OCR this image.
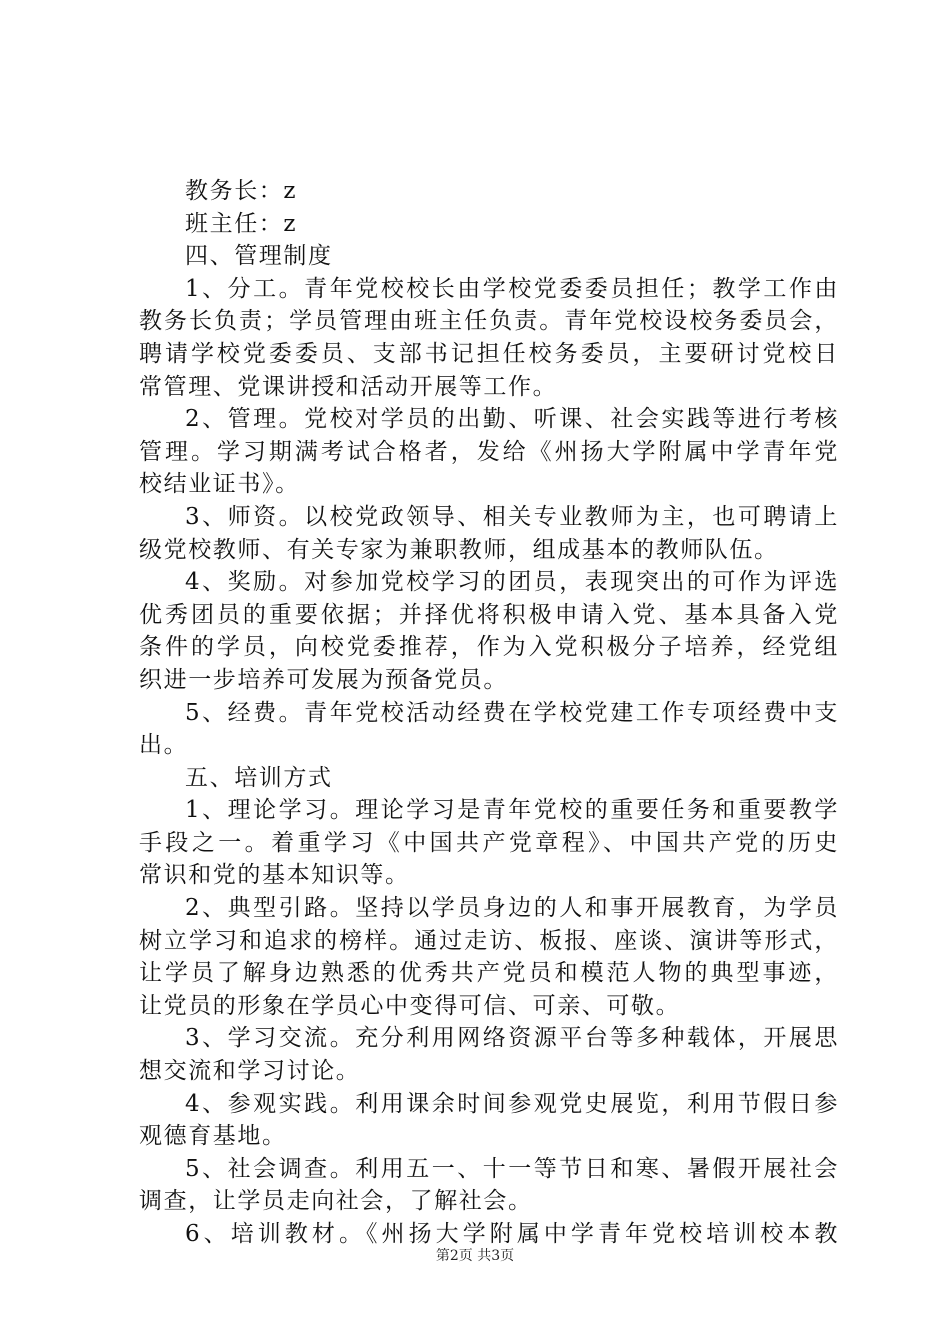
教务长：z
班主任：z
四、管理制度
1、分工。青年党校校长由学校党委委员担任；教学工作由
教务长负责；学员管理由班主任负责。青年党校设校务委员会，
聘请学校党委委员、支部书记担任校务委员，主要研讨党校日
常管理、党课讲授和活动开展等工作。
2、管理。党校对学员的出勤、听课、社会实践等进行考核
管理。学习期满考试合格者，发给《州扬大学附属中学青年党
校结业证书》。
3、师资。以校党政领导、相关专业教师为主，也可聘请上
级党校教师、有关专家为兼职教师，组成基本的教师队伍。
4、奖励。对参加党校学习的团员，表现突出的可作为评选
优秀团员的重要依据；并择优将积极申请入党、基本具备入党
条件的学员，向校党委推荐，作为入党积极分子培养，经党组
织进一步培养可发展为预备党员。
5、经费。青年党校活动经费在学校党建工作专项经费中支
出。
五、培训方式
1、理论学习。理论学习是青年党校的重要任务和重要教学
手段之一。着重学习《中国共产党章程》、中国共产党的历史
常识和党的基本知识等。
2、典型引路。坚持以学员身边的人和事开展教育，为学员
树立学习和追求的榜样。通过走访、板报、座谈、演讲等形式，
让学员了解身边熟悉的优秀共产党员和模范人物的典型事迹，
让党员的形象在学员心中变得可信、可亲、可敬。
3、学习交流。充分利用网络资源平台等多种载体，开展思
想交流和学习讨论。
4、参观实践。利用课余时间参观党史展览，利用节假日参
观德育基地。
5、社会调查。利用五一、十一等节日和寒、暑假开展社会
调查，让学员走向社会，了解社会。
6、培训教材。《州扬大学附属中学青年党校培训校本教
第2页 共3页
